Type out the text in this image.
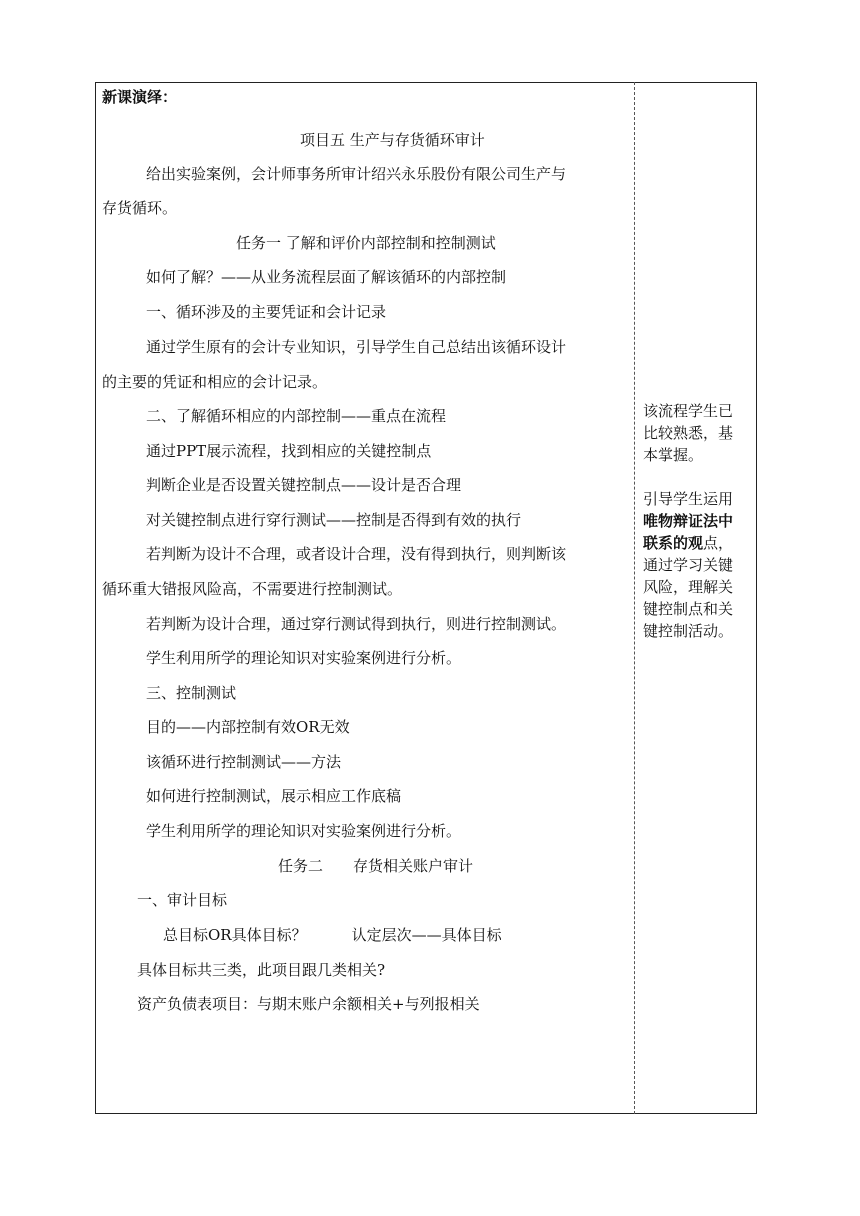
新课演绎：
项目五 生产与存货循环审计
给出实验案例，会计师事务所审计绍兴永乐股份有限公司生产与
存货循环。
任务一 了解和评价内部控制和控制测试
如何了解？——从业务流程层面了解该循环的内部控制
一、循环涉及的主要凭证和会计记录
通过学生原有的会计专业知识，引导学生自己总结出该循环设计
的主要的凭证和相应的会计记录。
二、了解循环相应的内部控制——重点在流程
通过PPT展示流程，找到相应的关键控制点
判断企业是否设置关键控制点——设计是否合理
对关键控制点进行穿行测试——控制是否得到有效的执行
若判断为设计不合理，或者设计合理，没有得到执行，则判断该
循环重大错报风险高，不需要进行控制测试。
若判断为设计合理，通过穿行测试得到执行，则进行控制测试。
学生利用所学的理论知识对实验案例进行分析。
三、控制测试
目的——内部控制有效OR无效
该循环进行控制测试——方法
如何进行控制测试，展示相应工作底稿
学生利用所学的理论知识对实验案例进行分析。
任务二　　存货相关账户审计
一、审计目标
总目标OR具体目标？　　　认定层次——具体目标
具体目标共三类，此项目跟几类相关?
资产负债表项目：与期末账户余额相关+与列报相关
该流程学生已
比较熟悉，基
本掌握。
引导学生运用
唯物辩证法中
联系的观点，
通过学习关键
风险，理解关
键控制点和关
键控制活动。
